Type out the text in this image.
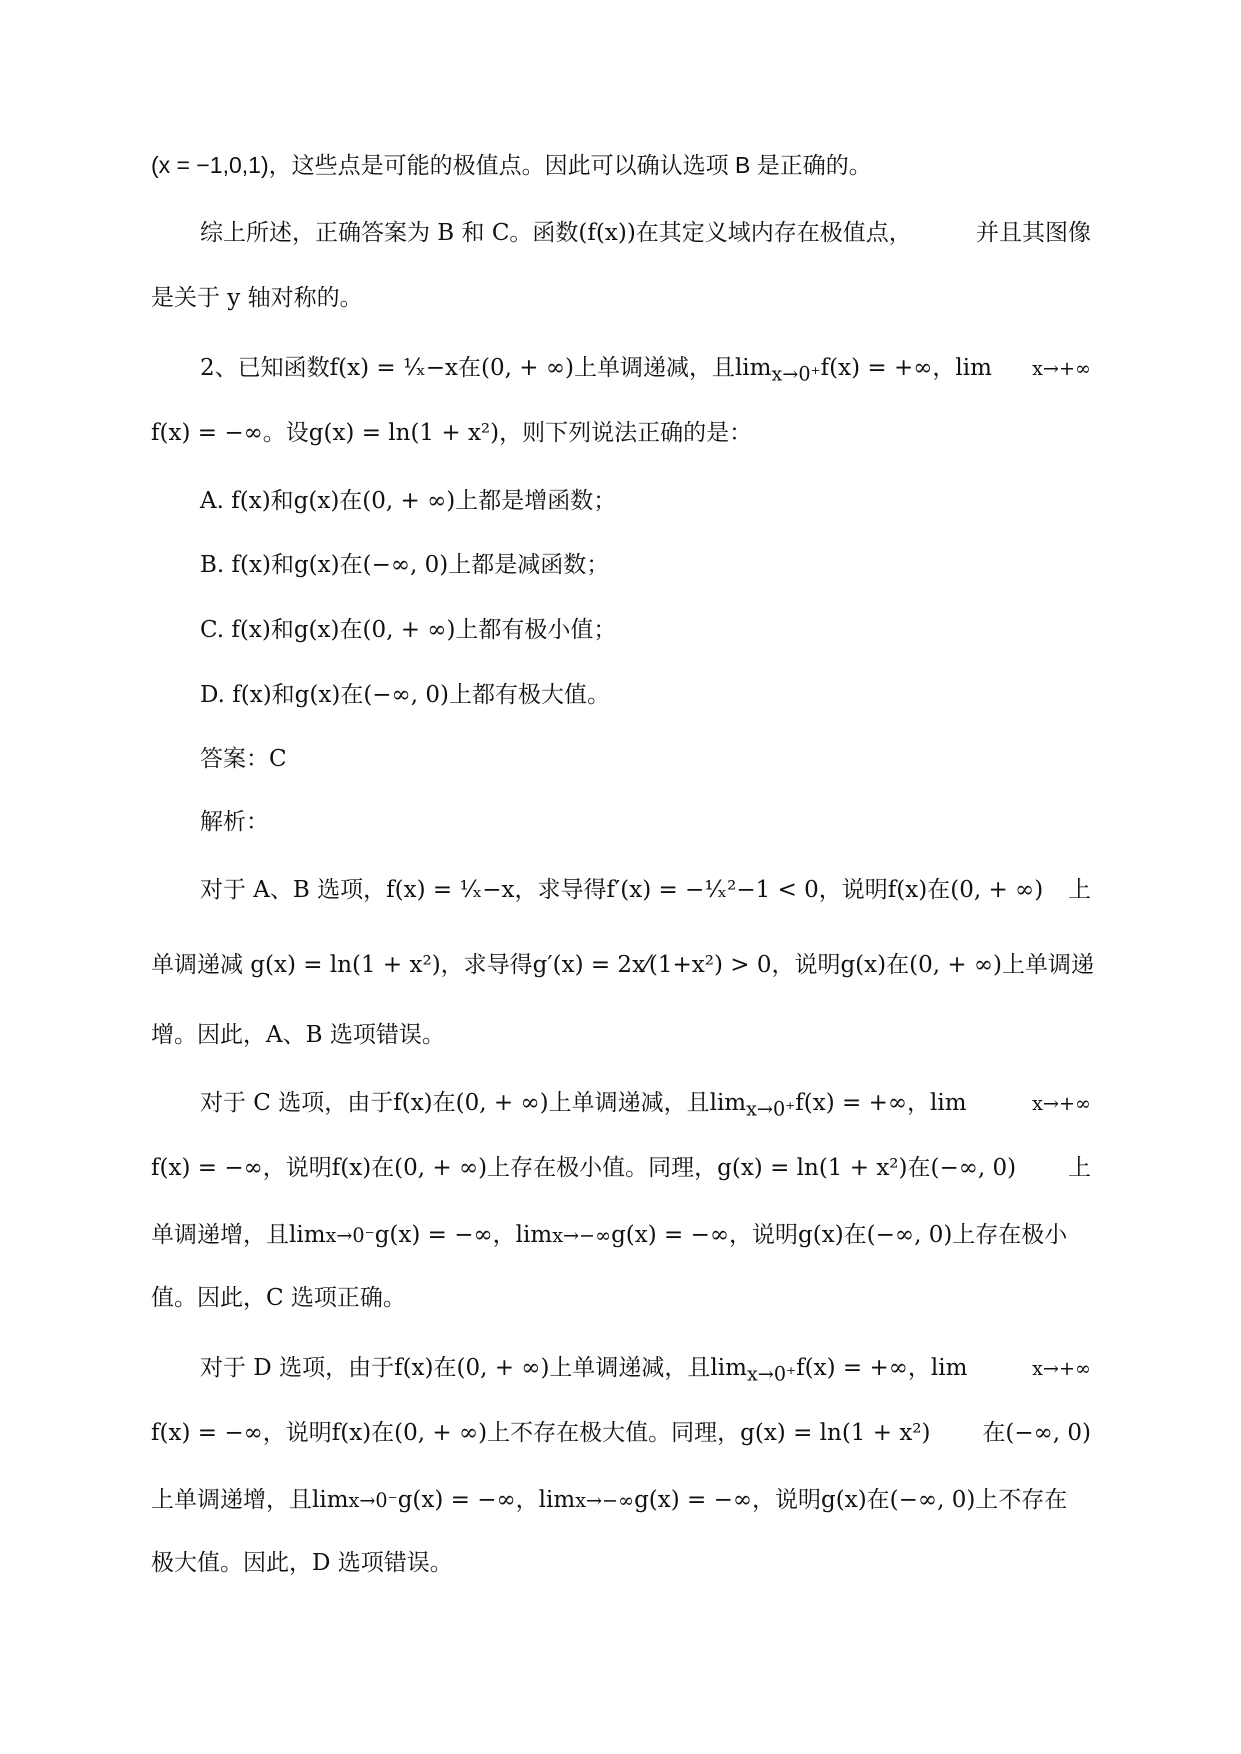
(x = −1,0,1)，这些点是可能的极值点。因此可以确认选项 B 是正确的。
综上所述，正确答案为 B 和 C。函数(f(x))在其定义域内存在极值点，	并且其图像
是关于 y 轴对称的。
2、已知函数f(x) = ¹⁄ₓ−x在(0, + ∞)上单调递减，且$\lim_{x\to 0^+}f(x)$ = +∞，lim x→+∞
f(x) = −∞。设g(x) = ln(1 + x²)，则下列说法正确的是：
A. f(x)和g(x)在(0, + ∞)上都是增函数；
B. f(x)和g(x)在(−∞, 0)上都是减函数；
C. f(x)和g(x)在(0, + ∞)上都有极小值；
D. f(x)和g(x)在(−∞, 0)上都有极大值。
答案：C
解析：
对于 A、B 选项，f(x) = ¹⁄ₓ−x，求导得f′(x) = −¹⁄ₓ²−1 < 0，说明f(x)在(0, + ∞) 上
单调递减 g(x) = ln(1 + x²)，求导得g′(x) = 2x⁄(1+x²) > 0，说明g(x)在(0, + ∞) 上单调递
增。因此，A、B 选项错误。
对于 C 选项，由于f(x)在(0, + ∞)上单调递减，且$\lim_{x\to 0^+}f(x)$ = +∞，lim	x→+∞
f(x) = −∞，说明f(x)在(0, + ∞)上存在极小值。同理，g(x) = ln(1 + x²)在(−∞, 0) 上
单调递增，且lim x→0⁻ g(x) = −∞，lim x→−∞ g(x) = −∞，说明g(x)在(−∞, 0)上存在极小
值。因此，C 选项正确。
对于 D 选项，由于f(x)在(0, + ∞)上单调递减，且$\lim_{x\to 0^+}f(x)$ = +∞，lim	x→+∞
f(x) = −∞，说明f(x)在(0, + ∞)上不存在极大值。同理，g(x) = ln(1 + x²) 在(−∞, 0)
上单调递增，且lim x→0⁻ g(x) = −∞，lim x→−∞ g(x) = −∞，说明g(x)在(−∞, 0)上不存在
极大值。因此，D 选项错误。
